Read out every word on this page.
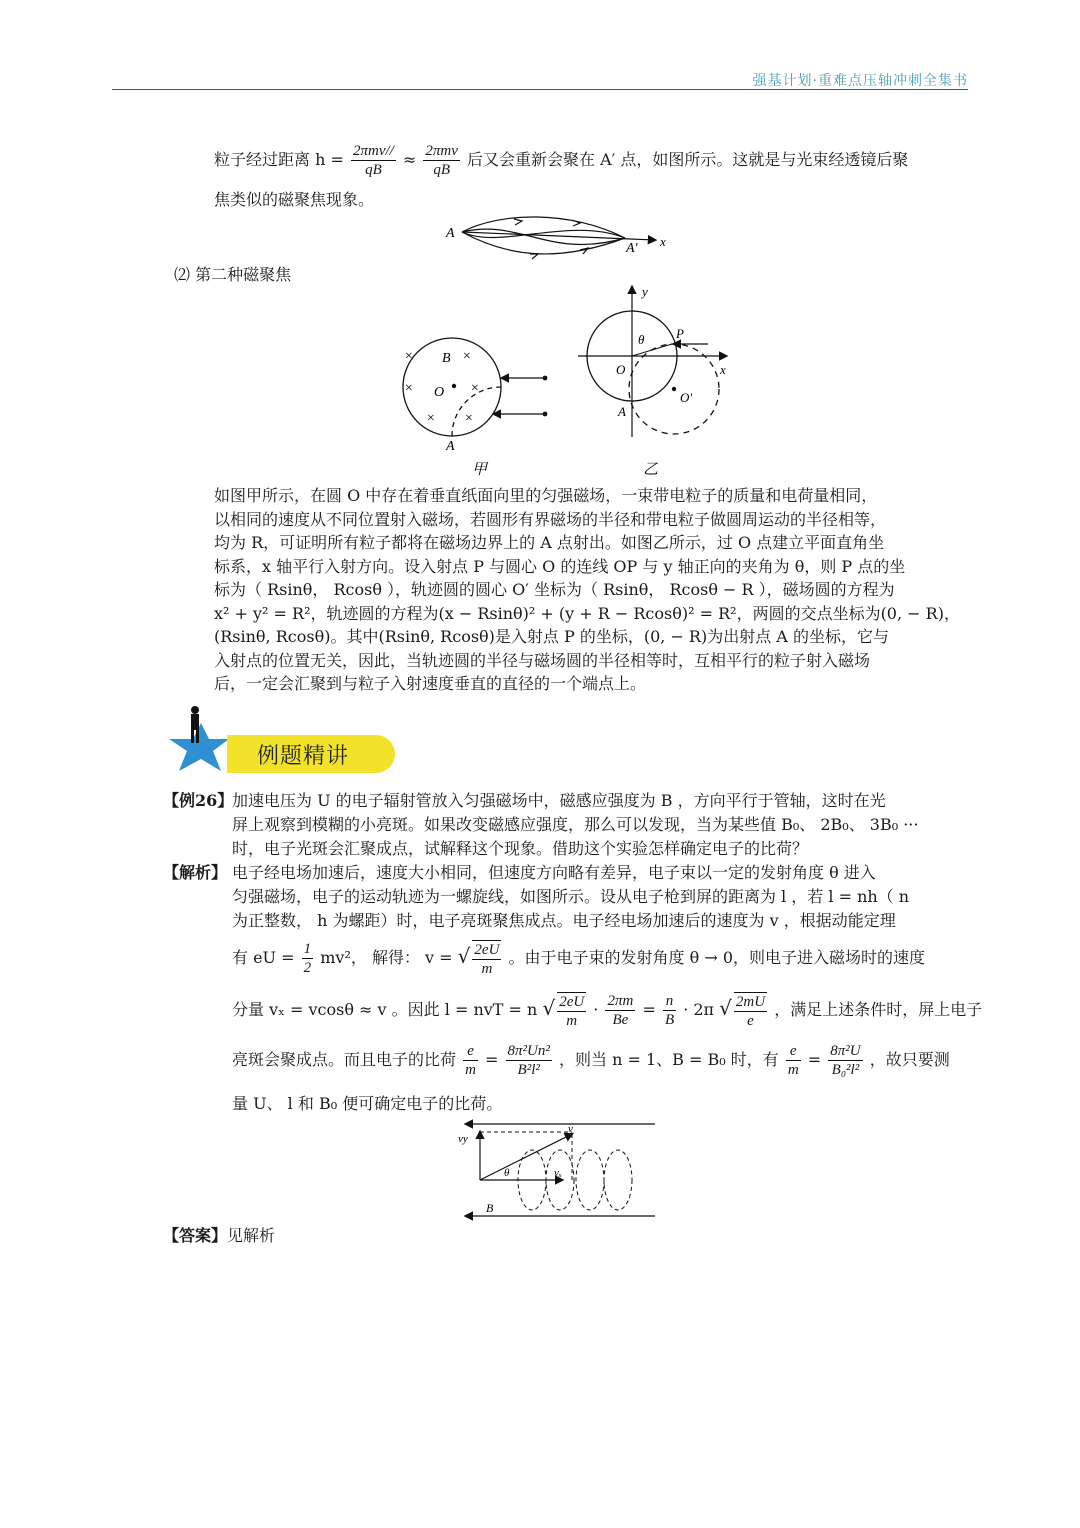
强基计划·重难点压轴冲刺全集书
粒子经过距离 $h = \frac{\text{2πmv//}}{qB} \approx \frac{\text{2πmv}}{qB}$ 后又会重新会聚在 A′ 点，如图所示。这就是与光束经透镜后聚
焦类似的磁聚焦现象。
A
A′ x
⑵ 第二种磁聚焦
×	×
×	×
× ×
B
O
A
y
x
θ P
O
O′
A
甲	乙
如图甲所示，在圆 O 中存在着垂直纸面向里的匀强磁场，一束带电粒子的质量和电荷量相同，
以相同的速度从不同位置射入磁场，若圆形有界磁场的半径和带电粒子做圆周运动的半径相等，
均为 R，可证明所有粒子都将在磁场边界上的 A 点射出。如图乙所示，过 O 点建立平面直角坐
标系，x 轴平行入射方向。设入射点 P 与圆心 O 的连线 OP 与 y 轴正向的夹角为 θ，则 P 点的坐
标为（ Rsinθ， Rcosθ ），轨迹圆的圆心 O′ 坐标为（ Rsinθ， Rcosθ − R ），磁场圆的方程为
x² + y² = R²，轨迹圆的方程为(x − Rsinθ)² + (y + R − Rcosθ)² = R²，两圆的交点坐标为(0, − R)，
(Rsinθ, Rcosθ)。其中(Rsinθ, Rcosθ)是入射点 P 的坐标，(0, − R)为出射点 A 的坐标，它与
入射点的位置无关，因此，当轨迹圆的半径与磁场圆的半径相等时，互相平行的粒子射入磁场
后，一定会汇聚到与粒子入射速度垂直的直径的一个端点上。
例题精讲
【例26】
加速电压为 U 的电子辐射管放入匀强磁场中，磁感应强度为 B ，方向平行于管轴，这时在光
屏上观察到模糊的小亮斑。如果改变磁感应强度，那么可以发现，当为某些值 B₀、 2B₀、 3B₀ ···
时，电子光斑会汇聚成点，试解释这个现象。借助这个实验怎样确定电子的比荷？
【解析】 电子经电场加速后，速度大小相同，但速度方向略有差异，电子束以一定的发射角度 θ 进入
匀强磁场，电子的运动轨迹为一螺旋线，如图所示。设从电子枪到屏的距离为 l ，若 l = nh（ n
为正整数， h 为螺距）时，电子亮斑聚焦成点。电子经电场加速后的速度为 v ，根据动能定理
有 eU = $\frac{1}{2} mv^2$， 解得： v = √ $\frac{2eU}{m}$ 。由于电子束的发射角度 θ → 0，则电子进入磁场时的速度
分量 vₓ = vcosθ ≈ v 。因此 l = nvT = n √ $\frac{2eU}{m} \cdot \frac{2\pi m}{Be} = \frac{n}{B} \cdot 2\pi$ √ $\frac{2mU}{e}$ ，满足上述条件时，屏上电子
亮斑会聚成点。而且电子的比荷 $\frac{e}{m} = \frac{\text{8π²Un²}}{\text{B²l²}}$ ，则当 n = 1、B = B₀ 时，有 $\frac{e}{m} = \frac{\text{8π²U}}{\text{B₀²l²}}$ ，故只要测
量 U、 l 和 B₀ 便可确定电子的比荷。
vy
v
θ	vₓ
B
【答案】见解析
